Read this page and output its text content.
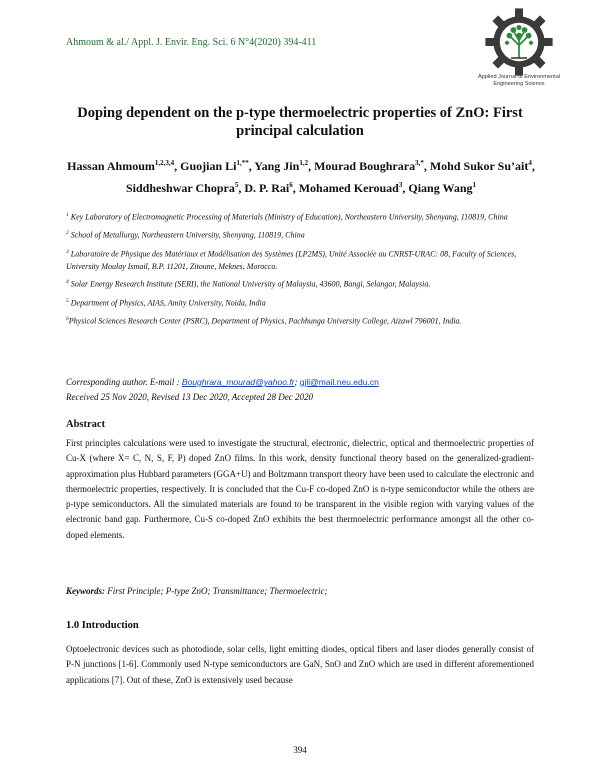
Ahmoum & al./ Appl. J. Envir. Eng. Sci. 6 N°4(2020) 394-411
Applied Journal of Environmental
Engineering Science
Doping dependent on the p-type thermoelectric properties of ZnO: First principal calculation
Hassan Ahmoum$^{1,2,3,4}$, Guojian $Li^{1,**}$, Yang Jin$^{1,2}$, Mourad Boughrara$^{3,*}$, Mohd Sukor Su’ait$^4$, Siddheshwar Chopra$^5$, D. P. Rai$^6$, Mohamed Kerouad$^3$, Qiang Wang$^1$
$^1$ Key Laboratory of Electromagnetic Processing of Materials (Ministry of Education), Northeastern University, Shenyang, 110819, China
$^2$ School of Metallurgy, Northeastern University, Shenyang, 110819, China
$^3$ Laboratoire de Physique des Matériaux et Modélisation des Systèmes (LP2MS), Unité Associée au CNRST-URAC: 08, Faculty of Sciences, University Moulay Ismail, B.P. 11201, Zitoune, Meknes, Morocco.
$^4$ Solar Energy Research Institute (SERI), the National University of Malaysia, 43600, Bangi, Selangor, Malaysia.
$^5$ Department of Physics, AIAS, Amity University, Noida, India
$^6$Physical Sciences Research Center (PSRC), Department of Physics, Pachhunga University College, Aizawl 796001, India.
Corresponding author. E-mail : Boughrara_mourad@yahoo.fr; gjli@mail.neu.edu.cn
Received 25 Nov 2020, Revised 13 Dec 2020, Accepted 28 Dec 2020
Abstract
First principles calculations were used to investigate the structural, electronic, dielectric, optical and thermoelectric properties of Cu-X (where X= C, N, S, F, P) doped ZnO films. In this work, density functional theory based on the generalized-gradient-approximation plus Hubbard parameters (GGA+U) and Boltzmann transport theory have been used to calculate the electronic and thermoelectric properties, respectively. It is concluded that the Cu-F co-doped ZnO is n-type semiconductor while the others are p-type semiconductors. All the simulated materials are found to be transparent in the visible region with varying values of the electronic band gap. Furthermore, Cu-S co-doped ZnO exhibits the best thermoelectric performance amongst all the other co-doped elements.
Keywords: First Principle; P-type ZnO; Transmittance; Thermoelectric;
1.0 Introduction
Optoelectronic devices such as photodiode, solar cells, light emitting diodes, optical fibers and laser diodes generally consist of P-N junctions [1-6]. Commonly used N-type semiconductors are GaN, SnO and ZnO which are used in different aforementioned applications [7]. Out of these, ZnO is extensively used because
394
